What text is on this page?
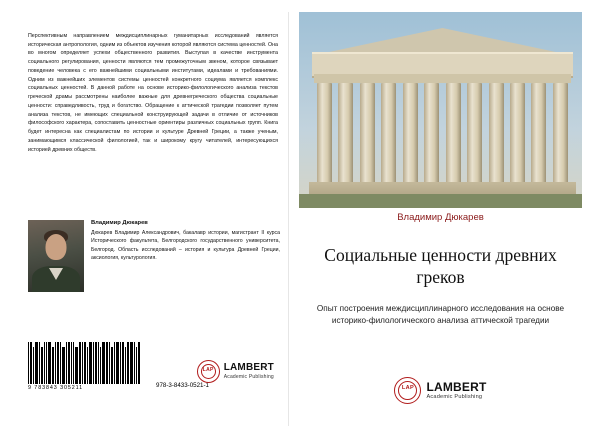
Перспективным направлением междисциплинарных гуманитарных исследований является историческая антропология, одним из объектов изучения которой являются система ценностей. Она во многом определяет успехи общественного развития. Выступая в качестве инструмента социального регулирования, ценности являются тем промежуточным звеном, которое связывает поведение человека с его важнейшими социальными институтами, идеалами и требованиями. Одним из важнейших элементов системы ценностей конкретного социума является комплекс социальных ценностей. В данной работе на основе историко-филологического анализа текстов греческой драмы рассмотрены наиболее важные для древнегреческого общества социальные ценности: справедливость, труд и богатство. Обращение к аттической трагедии позволяет путем анализа текстов, не имеющих специальной конструирующей задачи в отличие от источников философского характера, сопоставить ценностные ориентиры различных социальных групп. Книга будет интересна как специалистам по истории и культуре Древней Греции, а также ученым, занимающимся классической филологией, так и широкому кругу читателей, интересующихся историей древних обществ.
Владимир Дюкарев
Дюкарев Владимир Александрович, бакалавр истории, магистрант II курса Исторического факультета, Белгородского государственного университета, Белгород. Область исследований – история и культура Древней Греции, аксиология, культурология.
9 783843 305211	978-3-8433-0521-1
LAP	LAMBERT
Academic Publishing
Владимир Дюкарев
Социальные ценности древних греков
Опыт построения междисциплинарного исследования на основе историко-филологического анализа аттической трагедии
LAP	LAMBERT
Academic Publishing
